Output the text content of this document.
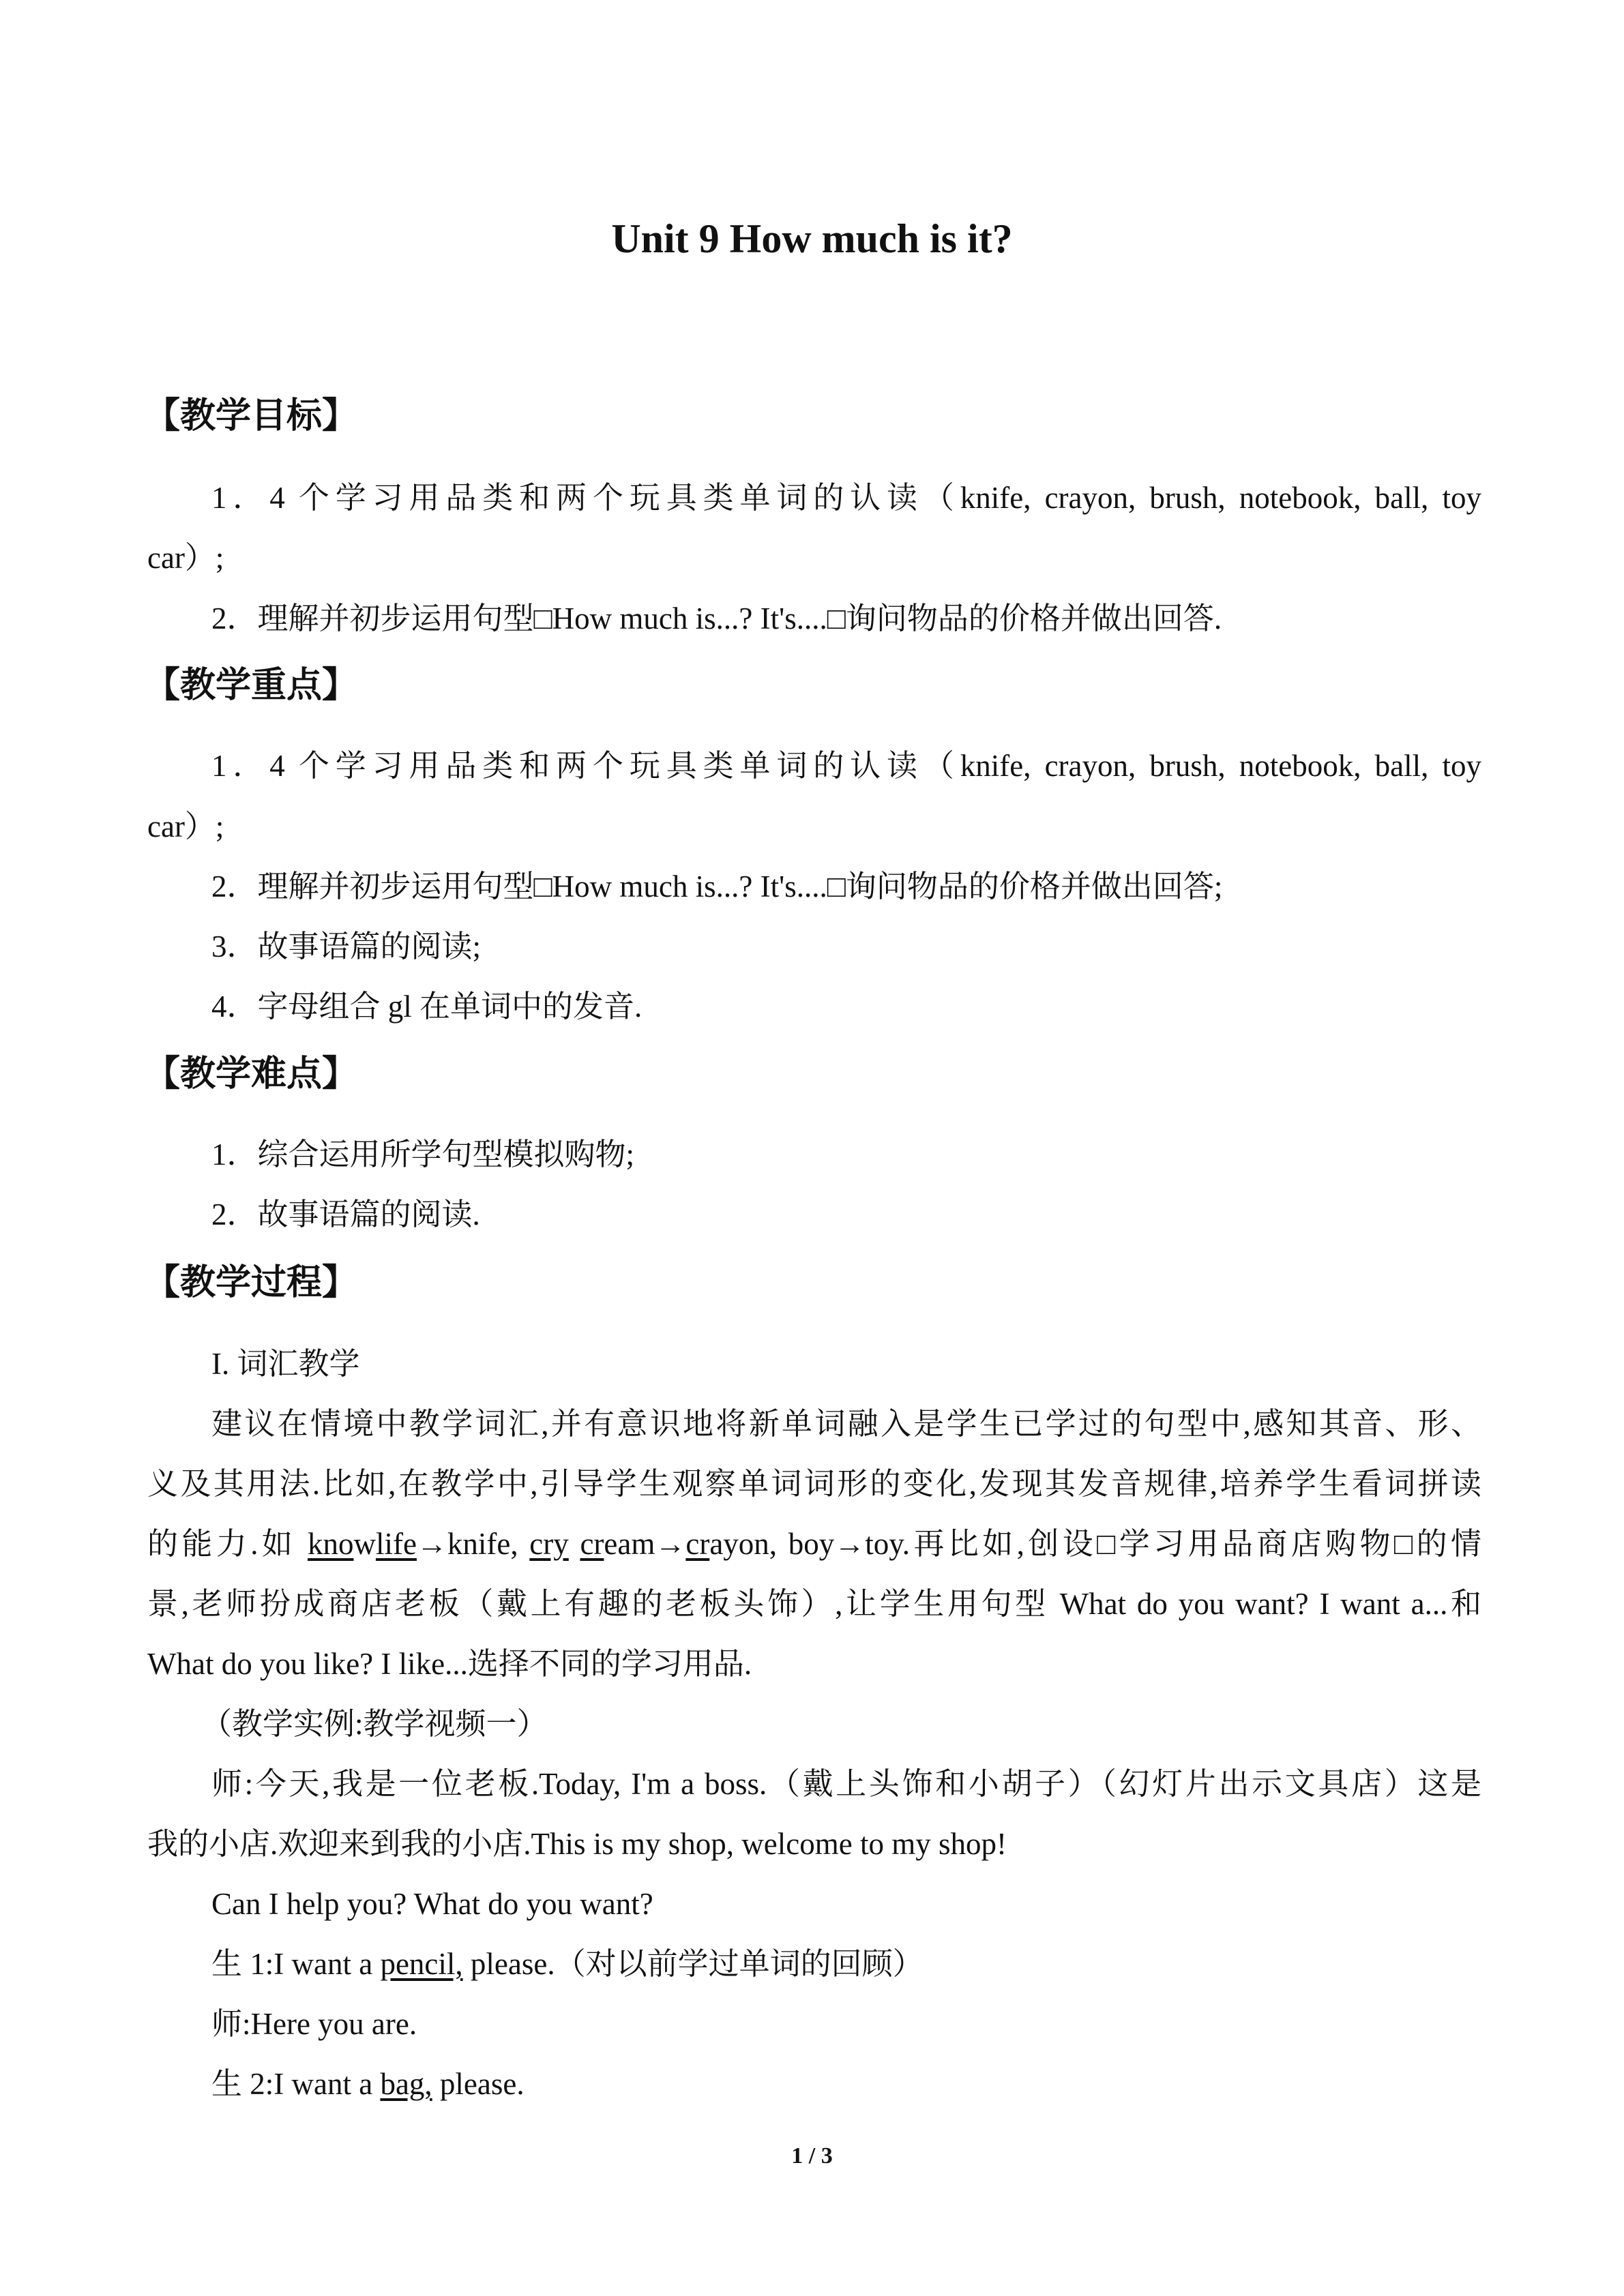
Unit 9 How much is it?
【教学目标】
1．4 个学习用品类和两个玩具类单词的认读（knife, crayon, brush, notebook, ball, toy
car）;
2．理解并初步运用句型□How much is...? It's....□询问物品的价格并做出回答.
【教学重点】
1．4 个学习用品类和两个玩具类单词的认读（knife, crayon, brush, notebook, ball, toy
car）;
2．理解并初步运用句型□How much is...? It's....□询问物品的价格并做出回答;
3．故事语篇的阅读;
4．字母组合 gl 在单词中的发音.
【教学难点】
1．综合运用所学句型模拟购物;
2．故事语篇的阅读.
【教学过程】
I. 词汇教学
建议在情境中教学词汇,并有意识地将新单词融入是学生已学过的句型中,感知其音、形、
义及其用法.比如,在教学中,引导学生观察单词词形的变化,发现其发音规律,培养学生看词拼读
的能力.如 knowlife→knife, cry cream→crayon, boy→toy.再比如,创设□学习用品商店购物□的情
景,老师扮成商店老板（戴上有趣的老板头饰）,让学生用句型 What do you want? I want a...和
What do you like? I like...选择不同的学习用品.
（教学实例:教学视频一）
师:今天,我是一位老板.Today, I'm a boss.（戴上头饰和小胡子）（幻灯片出示文具店）这是
我的小店.欢迎来到我的小店.This is my shop, welcome to my shop!
Can I help you? What do you want?
生 1:I want a pencil, please.（对以前学过单词的回顾）
师:Here you are.
生 2:I want a bag, please.
1 / 3
